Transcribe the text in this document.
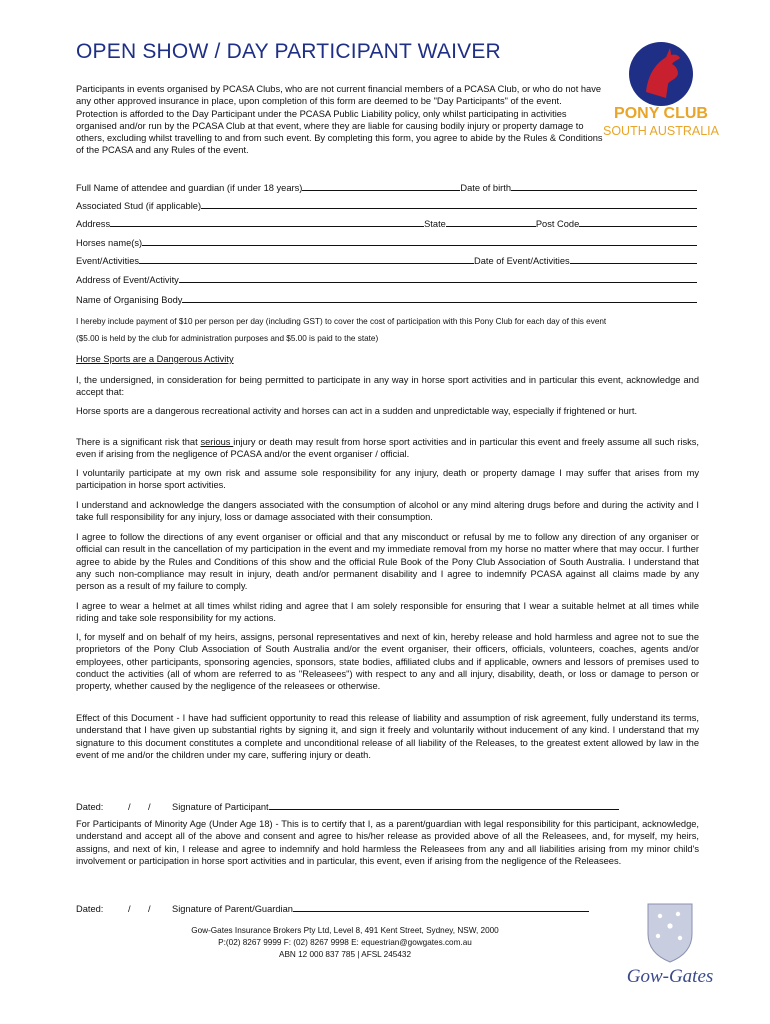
OPEN SHOW / DAY PARTICIPANT WAIVER

Participants in events organised by PCASA Clubs, who are not current financial members of a PCASA Club, or who do not have any other approved insurance in place, upon completion of this form are deemed to be "Day Participants" of the event.

Protection is afforded to the Day Participant under the PCASA Public Liability policy, only whilst participating in activities organised and/or run by the PCASA Club at that event, where they are liable for causing bodily injury or property damage to others, excluding whilst travelling to and from such event. By completing this form, you agree to abide by the Rules & Conditions of the PCASA and any Rules of the event.

PONY CLUB
SOUTH AUSTRALIA
Full Name of attendee and guardian (if under 18 years)	Date of birth
Associated Stud (if applicable)
Address	State	Post Code
Horses name(s)
Event/Activities	Date of Event/Activities
Address of Event/Activity
Name of Organising Body
I hereby include payment of $10 per person per day (including GST) to cover the cost of participation with this Pony Club for each day of this event
($5.00 is held by the club for administration purposes and $5.00 is paid to the state)
Horse Sports are a Dangerous Activity
I, the undersigned, in consideration for being permitted to participate in any way in horse sport activities and in particular this event, acknowledge and accept that:
Horse sports are a dangerous recreational activity and horses can act in a sudden and unpredictable way, especially if frightened or hurt.
There is a significant risk that serious injury or death may result from horse sport activities and in particular this event and freely assume all such risks, even if arising from the negligence of PCASA and/or the event organiser / official.
I voluntarily participate at my own risk and assume sole responsibility for any injury, death or property damage I may suffer that arises from my participation in horse sport activities.
I understand and acknowledge the dangers associated with the consumption of alcohol or any mind altering drugs before and during the activity and I take full responsibility for any injury, loss or damage associated with their consumption.
I agree to follow the directions of any event organiser or official and that any misconduct or refusal by me to follow any direction of any organiser or official can result in the cancellation of my participation in the event and my immediate removal from my horse no matter where that may occur. I further agree to abide by the Rules and Conditions of this show and the official Rule Book of the Pony Club Association of South Australia. I understand that any such non-compliance may result in injury, death and/or permanent disability and I agree to indemnify PCASA against all claims made by any person as a result of my failure to comply.
I agree to wear a helmet at all times whilst riding and agree that I am solely responsible for ensuring that I wear a suitable helmet at all times while riding and take sole responsibility for my actions.
I, for myself and on behalf of my heirs, assigns, personal representatives and next of kin, hereby release and hold harmless and agree not to sue the proprietors of the Pony Club Association of South Australia and/or the event organiser, their officers, officials, volunteers, coaches, agents and/or employees, other participants, sponsoring agencies, sponsors, state bodies, affiliated clubs and if applicable, owners and lessors of premises used to conduct the activities (all of whom are referred to as "Releasees") with respect to any and all injury, disability, death, or loss or damage to person or property, whether caused by the negligence of the releasees or otherwise.
Effect of this Document - I have had sufficient opportunity to read this release of liability and assumption of risk agreement, fully understand its terms, understand that I have given up substantial rights by signing it, and sign it freely and voluntarily without inducement of any kind. I understand that my signature to this document constitutes a complete and unconditional release of all liability of the Releases, to the greatest extent allowed by law in the event of me and/or the children under my care, suffering injury or death.
Dated:	/	/	Signature of Participant
For Participants of Minority Age (Under Age 18) - This is to certify that I, as a parent/guardian with legal responsibility for this participant, acknowledge, understand and accept all of the above and consent and agree to his/her release as provided above of all the Releasees, and, for myself, my heirs, assigns, and next of kin, I release and agree to indemnify and hold harmless the Releasees from any and all liabilities arising from my minor child's involvement or participation in horse sport activities and in particular, this event, even if arising from the negligence of the Releasees.
Dated:	/	/	Signature of Parent/Guardian
Gow-Gates Insurance Brokers Pty Ltd, Level 8, 491 Kent Street, Sydney, NSW, 2000
P:(02) 8267 9999 F: (02) 8267 9998 E: equestrian@gowgates.com.au
ABN 12 000 837 785 | AFSL 245432
Gow-Gates
